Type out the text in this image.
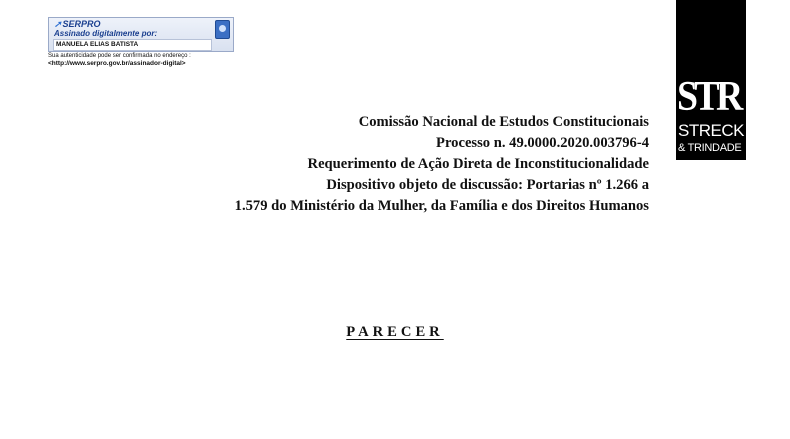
➚SERPRO
Assinado digitalmente por:
MANUELA ELIAS BATISTA
Sua autenticidade pode ser confirmada no endereço :
<http://www.serpro.gov.br/assinador-digital>
STR
STRECK
& TRINDADE
Comissão Nacional de Estudos Constitucionais
Processo n. 49.0000.2020.003796-4
Requerimento de Ação Direta de Inconstitucionalidade
Dispositivo objeto de discussão: Portarias nº 1.266 a
1.579 do Ministério da Mulher, da Família e dos Direitos Humanos
PARECER
